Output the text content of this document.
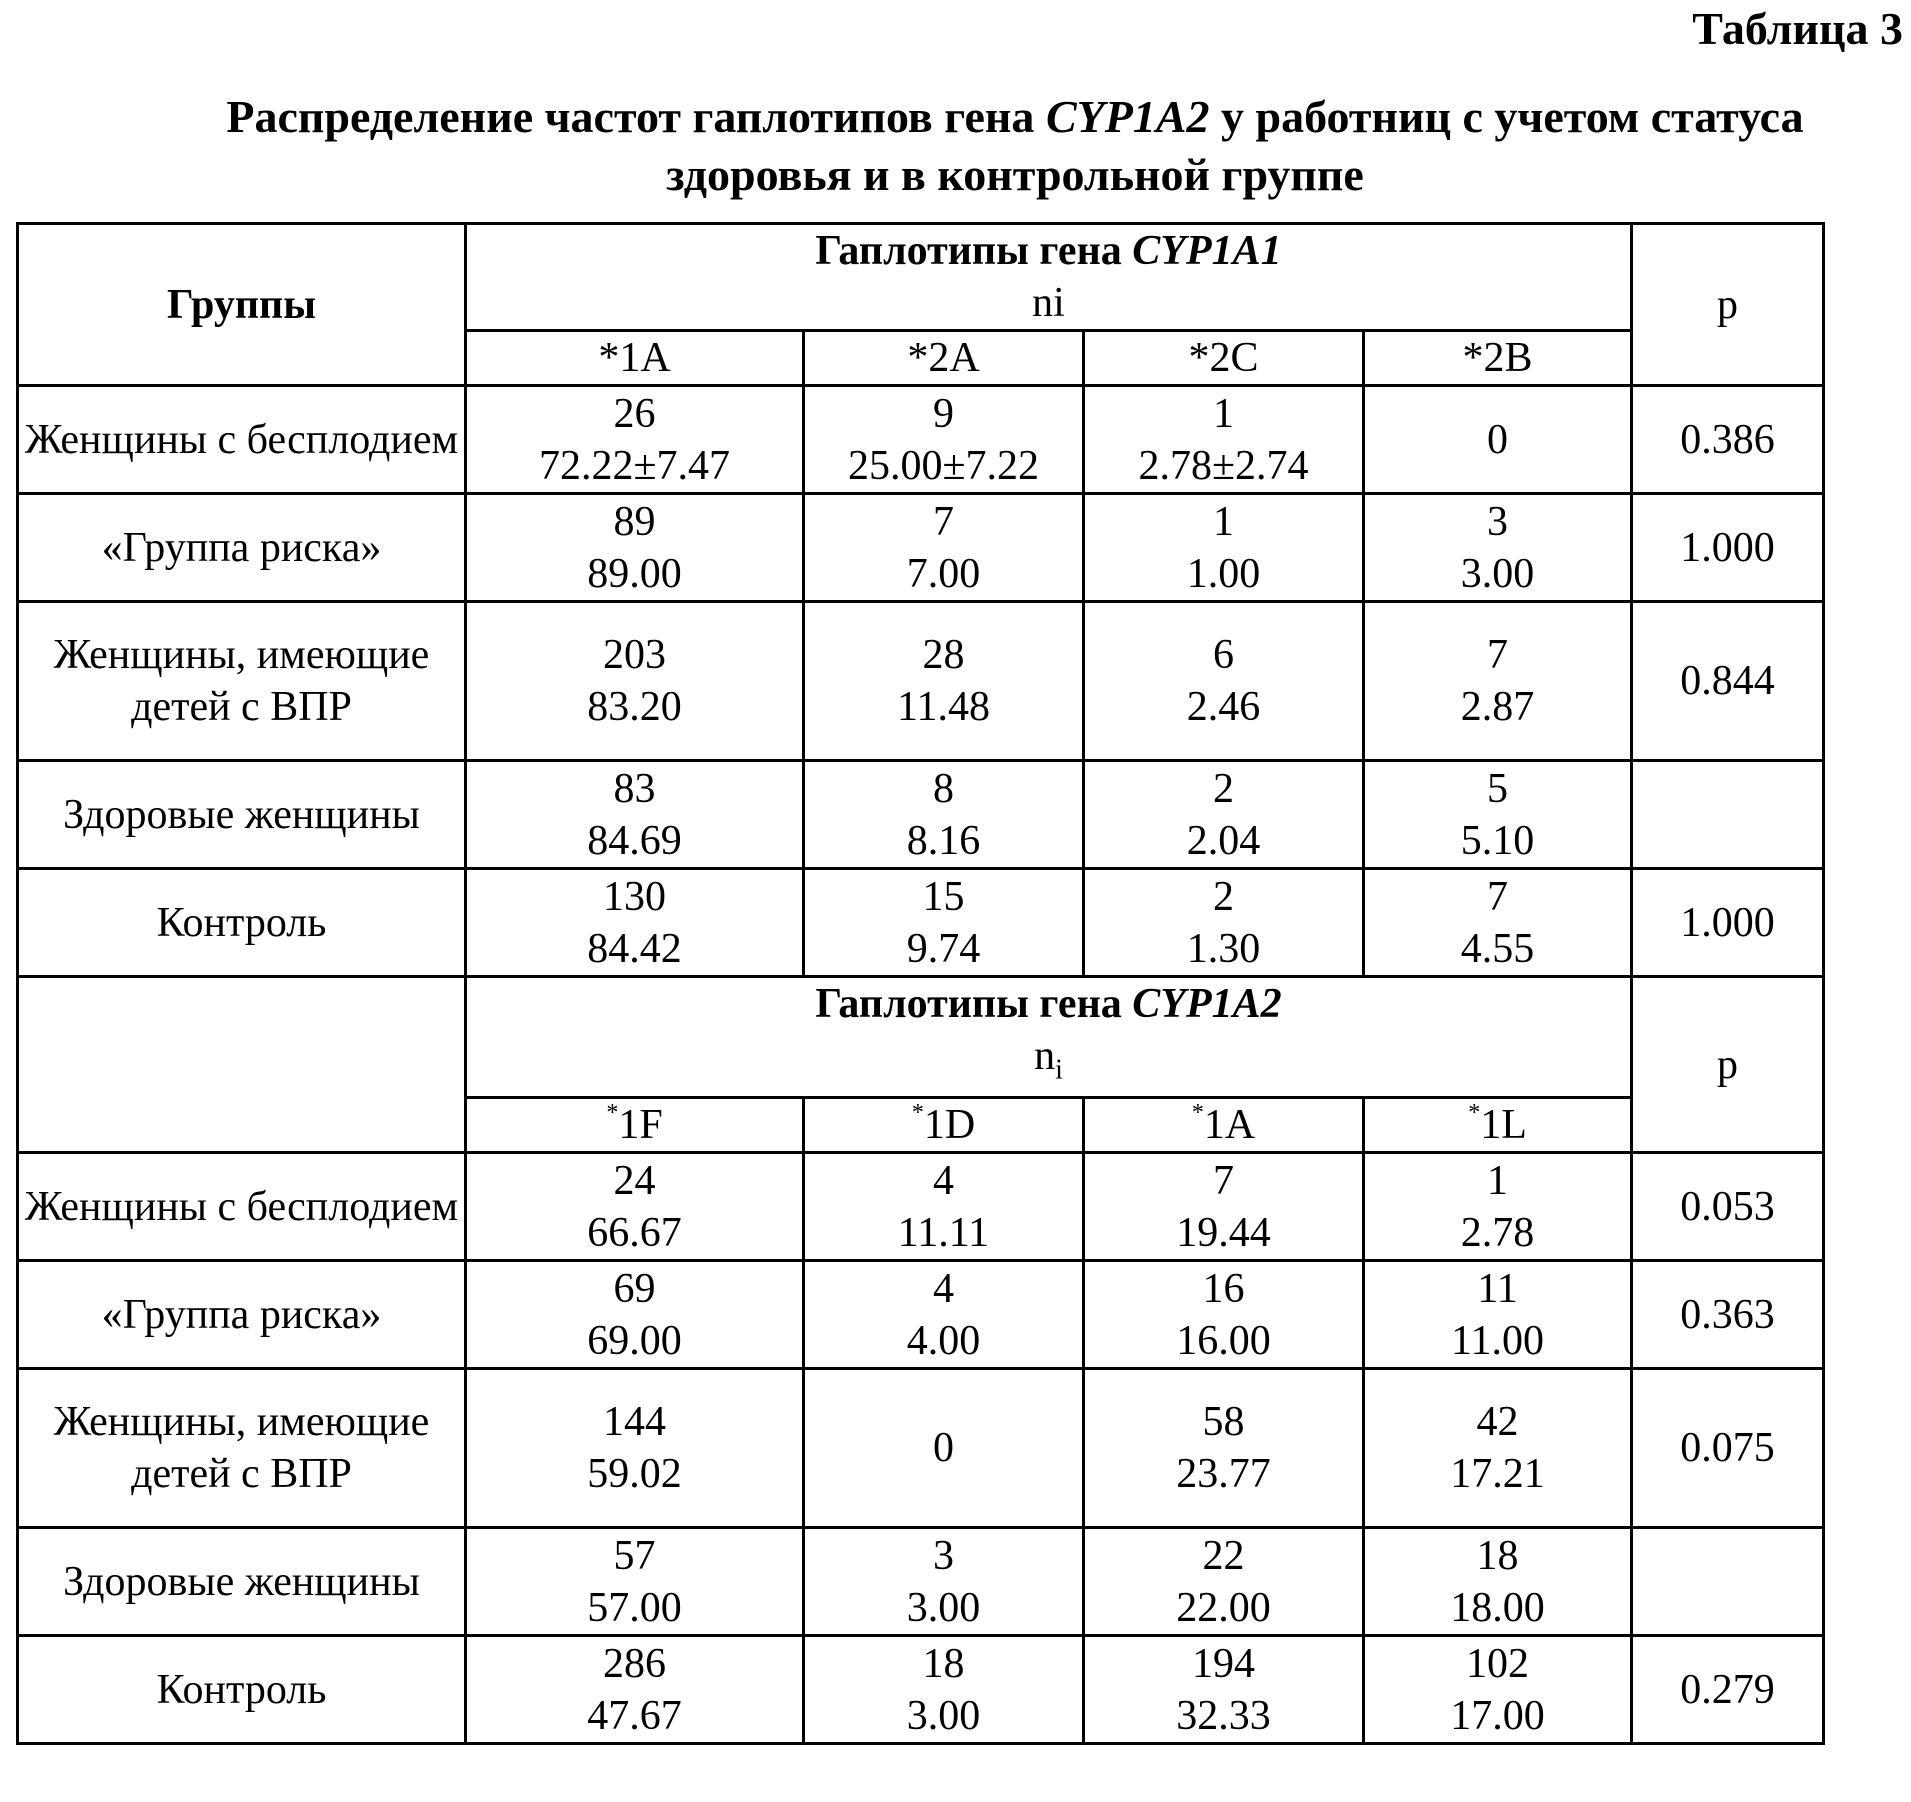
Таблица 3
Распределение частот гаплотипов гена CYP1A2 у работниц с учетом статуса
здоровья и в контрольной группе
Группы	
Гаплотипы гена CYP1A1
ni	р
*1A	*2A	*2C	*2B
Женщины с бесплодием	
26
72.22±7.47

9
25.00±7.22

1
2.78±2.74

0	0.386
«Группа риска»	
89
89.00

7
7.00

1
1.00

3
3.00
	1.000
Женщины, имеющие детей с ВПР	
203
83.20

28
11.48

6
2.46

7
2.87
	0.844
Здоровые женщины	
83
84.69

8
8.16

2
2.04

5
5.10

Контроль	
130
84.42

15
9.74

2
1.30

7
4.55
	1.000

Гаплотипы гена CYP1A2
ni	р
*1F	*1D	*1A	*1L
Женщины с бесплодием	
24
66.67

4
11.11

7
19.44

1
2.78
	0.053
«Группа риска»	
69
69.00

4
4.00

16
16.00

11
11.00
	0.363
Женщины, имеющие детей с ВПР	
144
59.02

0

58
23.77

42
17.21
	0.075
Здоровые женщины	
57
57.00

3
3.00

22
22.00

18
18.00

Контроль	
286
47.67

18
3.00

194
32.33

102
17.00
	0.279
